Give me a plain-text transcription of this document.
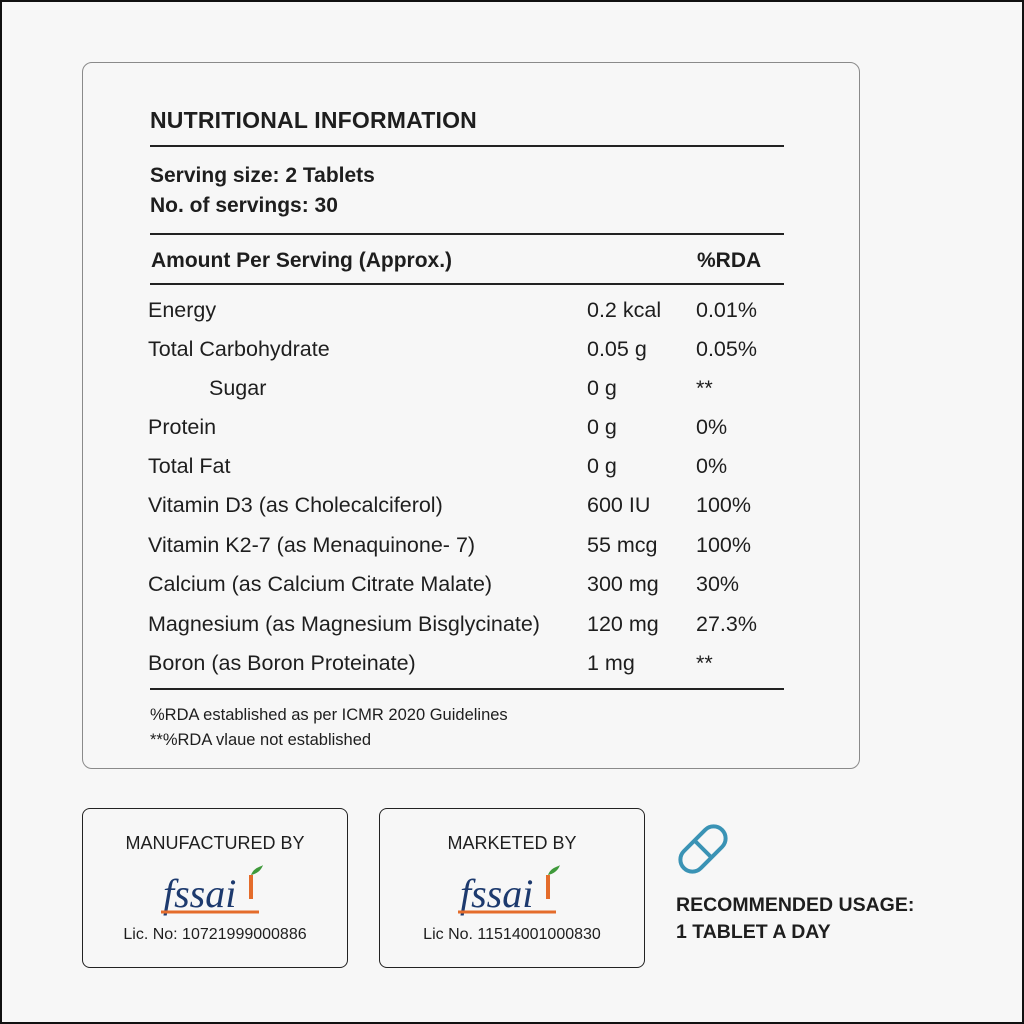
NUTRITIONAL INFORMATION
Serving size: 2 Tablets
No. of servings: 30
Amount Per Serving (Approx.)	%RDA
Energy	0.2 kcal 0.01%
Total Carbohydrate	0.05 g 0.05%
Sugar	0 g	**
Protein	0 g	0%
Total Fat	0 g	0%
Vitamin D3 (as Cholecalciferol)	600 IU 100%
Vitamin K2-7 (as Menaquinone- 7)	55 mcg 100%
Calcium (as Calcium Citrate Malate)	300 mg 30%
Magnesium (as Magnesium Bisglycinate) 120 mg 27.3%
Boron (as Boron Proteinate)	1 mg	**
%RDA established as per ICMR 2020 Guidelines
**%RDA vlaue not established
MANUFACTURED BY
fssai
Lic. No: 10721999000886
MARKETED BY
fssai
Lic No. 11514001000830
RECOMMENDED USAGE:
1 TABLET A DAY
